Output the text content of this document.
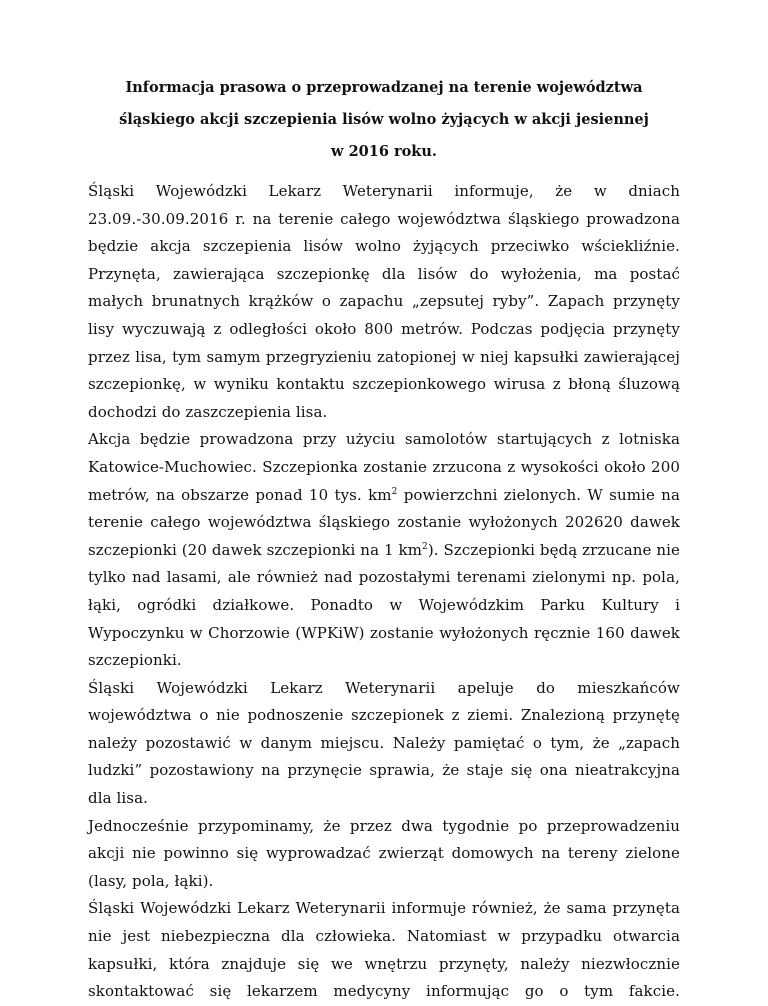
Informacja prasowa o przeprowadzanej na terenie województwa
śląskiego akcji szczepienia lisów wolno żyjących w akcji jesiennej
w 2016 roku.

Śląski Wojewódzki Lekarz Weterynarii informuje, że w dniach 23.09.-30.09.2016 r. na terenie całego województwa śląskiego prowadzona będzie akcja szczepienia lisów wolno żyjących przeciwko wściekliźnie. Przynęta, zawierająca szczepionkę dla lisów do wyłożenia, ma postać małych brunatnych krążków o zapachu „zepsutej ryby”. Zapach przynęty lisy wyczuwają z odległości około 800 metrów. Podczas podjęcia przynęty przez lisa, tym samym przegryzieniu zatopionej w niej kapsułki zawierającej szczepionkę, w wyniku kontaktu szczepionkowego wirusa z błoną śluzową dochodzi do zaszczepienia lisa.

Akcja będzie prowadzona przy użyciu samolotów startujących z lotniska Katowice-Muchowiec. Szczepionka zostanie zrzucona z wysokości około 200 metrów, na obszarze ponad 10 tys. $km^2$ powierzchni zielonych. W sumie na terenie całego województwa śląskiego zostanie wyłożonych 202620 dawek szczepionki (20 dawek szczepionki na 1 $km^2$). Szczepionki będą zrzucane nie tylko nad lasami, ale również nad pozostałymi terenami zielonymi np. pola, łąki, ogródki działkowe. Ponadto w Wojewódzkim Parku Kultury i Wypoczynku w Chorzowie (WPKiW) zostanie wyłożonych ręcznie 160 dawek szczepionki.

Śląski Wojewódzki Lekarz Weterynarii apeluje do mieszkańców województwa o nie podnoszenie szczepionek z ziemi. Znalezioną przynętę należy pozostawić w danym miejscu. Należy pamiętać o tym, że „zapach ludzki” pozostawiony na przynęcie sprawia, że staje się ona nieatrakcyjna dla lisa.

Jednocześnie przypominamy, że przez dwa tygodnie po przeprowadzeniu akcji nie powinno się wyprowadzać zwierząt domowych na tereny zielone (lasy, pola, łąki).

Śląski Wojewódzki Lekarz Weterynarii informuje również, że sama przynęta nie jest niebezpieczna dla człowieka. Natomiast w przypadku otwarcia kapsułki, która znajduje się we wnętrzu przynęty, należy niezwłocznie skontaktować się lekarzem medycyny informując go o tym fakcie.
